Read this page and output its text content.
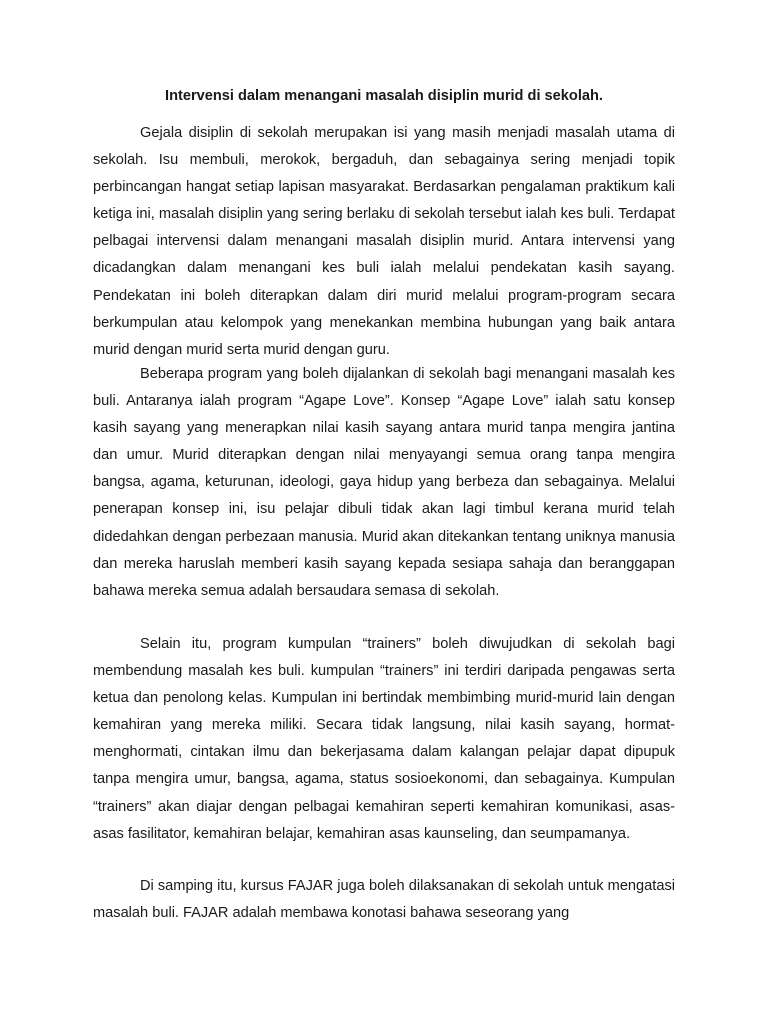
Intervensi dalam menangani masalah disiplin murid di sekolah.

Gejala disiplin di sekolah merupakan isi yang masih menjadi masalah utama di sekolah. Isu membuli, merokok, bergaduh, dan sebagainya sering menjadi topik perbincangan hangat setiap lapisan masyarakat. Berdasarkan pengalaman praktikum kali ketiga ini, masalah disiplin yang sering berlaku di sekolah tersebut ialah kes buli. Terdapat pelbagai intervensi dalam menangani masalah disiplin murid. Antara intervensi yang dicadangkan dalam menangani kes buli ialah melalui pendekatan kasih sayang. Pendekatan ini boleh diterapkan dalam diri murid melalui program-program secara berkumpulan atau kelompok yang menekankan membina hubungan yang baik antara murid dengan murid serta murid dengan guru.

Beberapa program yang boleh dijalankan di sekolah bagi menangani masalah kes buli. Antaranya ialah program “Agape Love”. Konsep “Agape Love” ialah satu konsep kasih sayang yang menerapkan nilai kasih sayang antara murid tanpa mengira jantina dan umur. Murid diterapkan dengan nilai menyayangi semua orang tanpa mengira bangsa, agama, keturunan, ideologi, gaya hidup yang berbeza dan sebagainya. Melalui penerapan konsep ini, isu pelajar dibuli tidak akan lagi timbul kerana murid telah didedahkan dengan perbezaan manusia. Murid akan ditekankan tentang uniknya manusia dan mereka haruslah memberi kasih sayang kepada sesiapa sahaja dan beranggapan bahawa mereka semua adalah bersaudara semasa di sekolah.

Selain itu, program kumpulan “trainers” boleh diwujudkan di sekolah bagi membendung masalah kes buli. kumpulan “trainers” ini terdiri daripada pengawas serta ketua dan penolong kelas. Kumpulan ini bertindak membimbing murid-murid lain dengan kemahiran yang mereka miliki. Secara tidak langsung, nilai kasih sayang, hormat-menghormati, cintakan ilmu dan bekerjasama dalam kalangan pelajar dapat dipupuk tanpa mengira umur, bangsa, agama, status sosioekonomi, dan sebagainya. Kumpulan “trainers” akan diajar dengan pelbagai kemahiran seperti kemahiran komunikasi, asas-asas fasilitator, kemahiran belajar, kemahiran asas kaunseling, dan seumpamanya.

Di samping itu, kursus FAJAR juga boleh dilaksanakan di sekolah untuk mengatasi masalah buli. FAJAR adalah membawa konotasi bahawa seseorang yang
